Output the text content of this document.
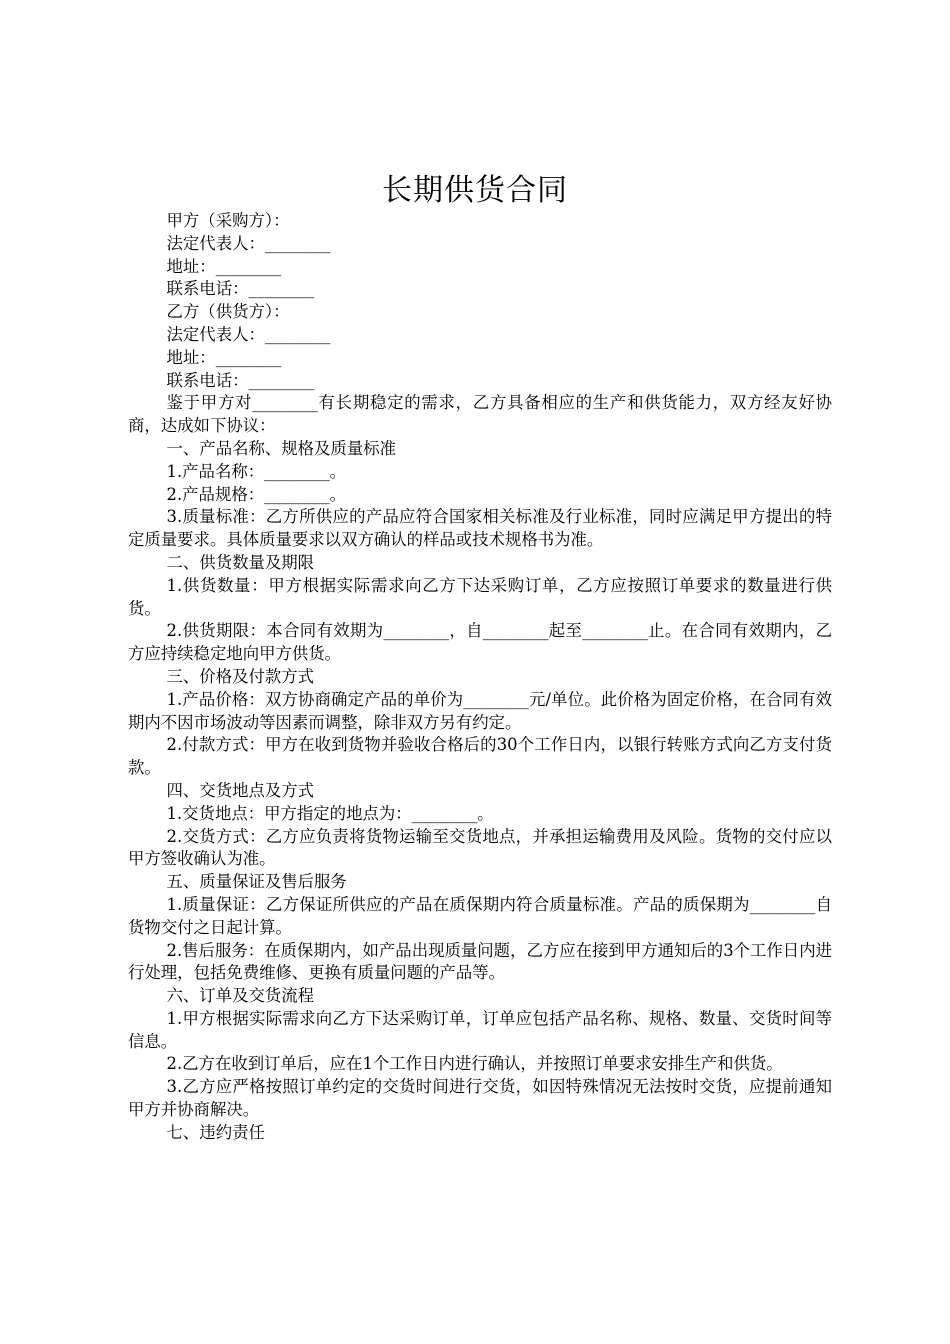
长期供货合同

甲方（采购方）：

法定代表人：________

地址：________

联系电话：________

乙方（供货方）：

法定代表人：________

地址：________

联系电话：________

鉴于甲方对________有长期稳定的需求，乙方具备相应的生产和供货能力，双方经友好协商，达成如下协议：

一、产品名称、规格及质量标准

1.产品名称：________。

2.产品规格：________。

3.质量标准：乙方所供应的产品应符合国家相关标准及行业标准，同时应满足甲方提出的特定质量要求。具体质量要求以双方确认的样品或技术规格书为准。

二、供货数量及期限

1.供货数量：甲方根据实际需求向乙方下达采购订单，乙方应按照订单要求的数量进行供货。

2.供货期限：本合同有效期为________，自________起至________止。在合同有效期内，乙方应持续稳定地向甲方供货。

三、价格及付款方式

1.产品价格：双方协商确定产品的单价为________元/单位。此价格为固定价格，在合同有效期内不因市场波动等因素而调整，除非双方另有约定。

2.付款方式：甲方在收到货物并验收合格后的30个工作日内，以银行转账方式向乙方支付货款。

四、交货地点及方式

1.交货地点：甲方指定的地点为：________。

2.交货方式：乙方应负责将货物运输至交货地点，并承担运输费用及风险。货物的交付应以甲方签收确认为准。

五、质量保证及售后服务

1.质量保证：乙方保证所供应的产品在质保期内符合质量标准。产品的质保期为________自货物交付之日起计算。

2.售后服务：在质保期内，如产品出现质量问题，乙方应在接到甲方通知后的3个工作日内进行处理，包括免费维修、更换有质量问题的产品等。

六、订单及交货流程

1.甲方根据实际需求向乙方下达采购订单，订单应包括产品名称、规格、数量、交货时间等信息。

2.乙方在收到订单后，应在1个工作日内进行确认，并按照订单要求安排生产和供货。

3.乙方应严格按照订单约定的交货时间进行交货，如因特殊情况无法按时交货，应提前通知甲方并协商解决。

七、违约责任
